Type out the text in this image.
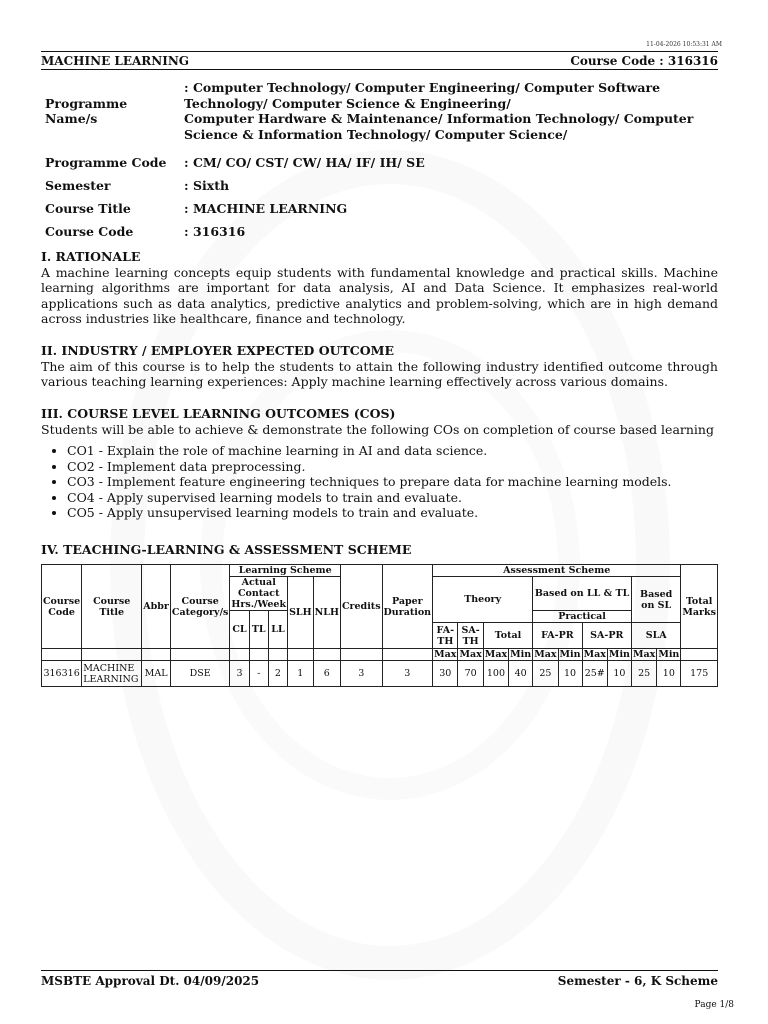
11-04-2026 10:53:31 AM
MACHINE LEARNING	Course Code : 316316
Programme Name/s	: Computer Technology/ Computer Engineering/ Computer Software Technology/ Computer Science & Engineering/
Computer Hardware & Maintenance/ Information Technology/ Computer Science & Information Technology/ Computer Science/
Programme Code	: CM/ CO/ CST/ CW/ HA/ IF/ IH/ SE
Semester	: Sixth
Course Title	: MACHINE LEARNING
Course Code	: 316316
I. RATIONALE

A machine learning concepts equip students with fundamental knowledge and practical skills. Machine learning algorithms are important for data analysis, AI and Data Science. It emphasizes real-world applications such as data analytics, predictive analytics and problem-solving, which are in high demand across industries like healthcare, finance and technology.

II. INDUSTRY / EMPLOYER EXPECTED OUTCOME

The aim of this course is to help the students to attain the following industry identified outcome through various teaching learning experiences: Apply machine learning effectively across various domains.

III. COURSE LEVEL LEARNING OUTCOMES (COS)

Students will be able to achieve & demonstrate the following COs on completion of course based learning

• CO1 - Explain the role of machine learning in AI and data science.
• CO2 - Implement data preprocessing.
• CO3 - Implement feature engineering techniques to prepare data for machine learning models.
• CO4 - Apply supervised learning models to train and evaluate.
• CO5 - Apply unsupervised learning models to train and evaluate.
IV. TEACHING-LEARNING & ASSESSMENT SCHEME
Course Code	Course Title	Abbr	Course Category/s	Learning Scheme					Credits	Paper Duration	Assessment Scheme										Total Marks
				Actual Contact Hrs./Week			SLH	NLH			Theory				Based on LL & TL				Based on SL		

				CL	TL	LL									Practical						
											FA-TH	SA-TH	Total		FA-PR		SA-PR		SLA		
											Max	Max	Max	Min	Max	Min	Max	Min	Max	Min	
316316	MACHINE LEARNING	MAL	DSE	3	-	2	1	6	3	3	30	70	100	40	25	10	25#	10	25	10	175
MSBTE Approval Dt. 04/09/2025	Semester - 6, K Scheme
Page 1/8
